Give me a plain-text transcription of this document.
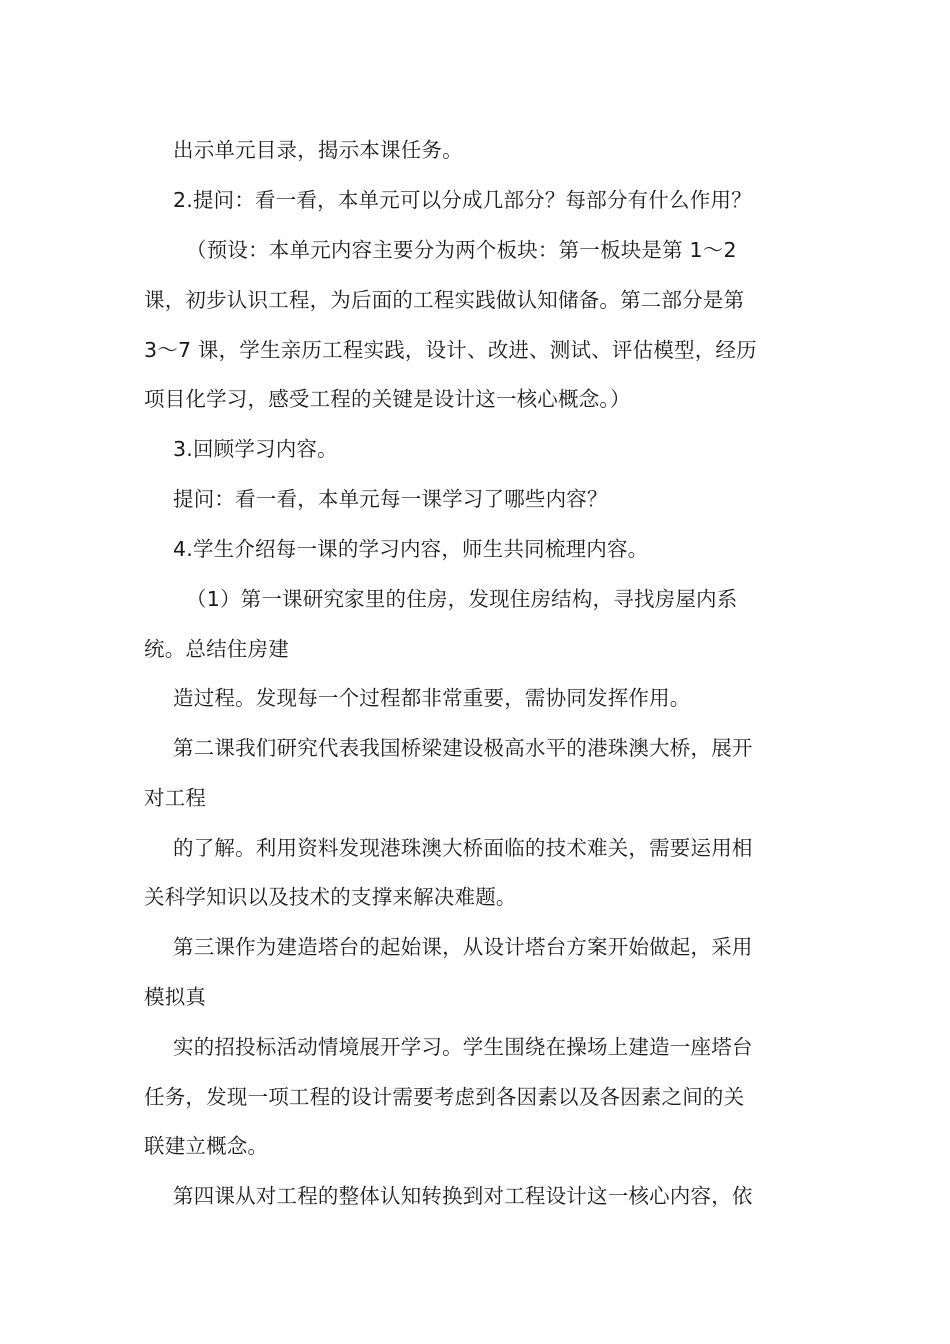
出示单元目录，揭示本课任务。
2.提问：看一看，本单元可以分成几部分？每部分有什么作用？
（预设：本单元内容主要分为两个板块：第一板块是第 1～2
课，初步认识工程，为后面的工程实践做认知储备。第二部分是第
3～7 课，学生亲历工程实践，设计、改进、测试、评估模型，经历
项目化学习，感受工程的关键是设计这一核心概念。）
3.回顾学习内容。
提问：看一看，本单元每一课学习了哪些内容？
4.学生介绍每一课的学习内容，师生共同梳理内容。
（1）第一课研究家里的住房，发现住房结构，寻找房屋内系
统。总结住房建
造过程。发现每一个过程都非常重要，需协同发挥作用。
第二课我们研究代表我国桥梁建设极高水平的港珠澳大桥，展开
对工程
的了解。利用资料发现港珠澳大桥面临的技术难关，需要运用相
关科学知识以及技术的支撑来解决难题。
第三课作为建造塔台的起始课，从设计塔台方案开始做起，采用
模拟真
实的招投标活动情境展开学习。学生围绕在操场上建造一座塔台
任务，发现一项工程的设计需要考虑到各因素以及各因素之间的关
联建立概念。
第四课从对工程的整体认知转换到对工程设计这一核心内容，依
